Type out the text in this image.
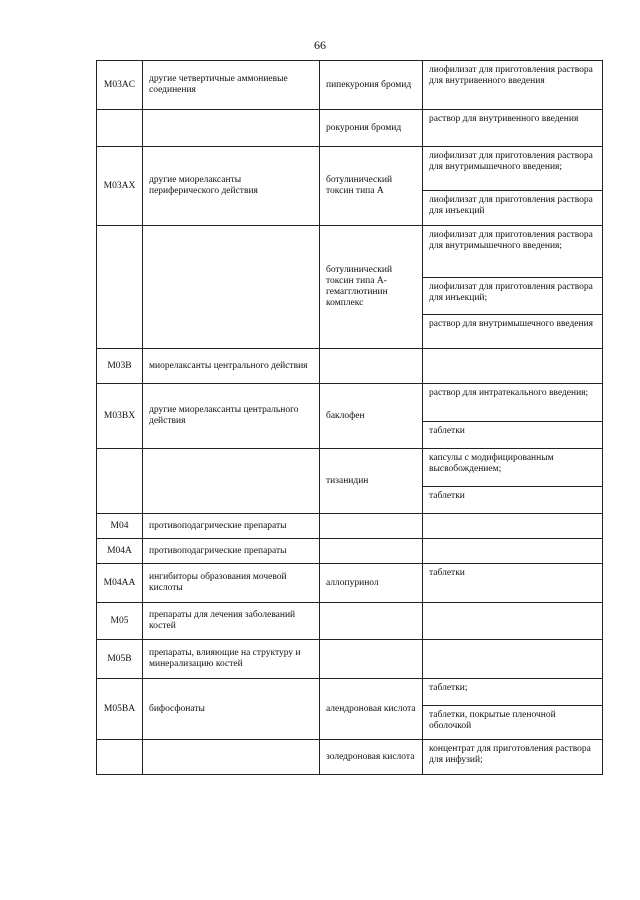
66
M03AC	другие четвертичные аммониевые соединения	пипекурония бромид	лиофилизат для приготовления раствора для внутривенного введения

		рокурония бромид	раствор для внутривенного введения

M03AX	другие миорелаксанты периферического действия	ботулинический токсин типа А	лиофилизат для приготовления раствора для внутримышечного введения;
лиофилизат для приготовления раствора для инъекций

		ботулинический токсин типа А-гемагглютинин комплекс	лиофилизат для приготовления раствора для внутримышечного введения;
лиофилизат для приготовления раствора для инъекций;
раствор для внутримышечного введения

M03B	миорелаксанты центрального действия		

M03BX	другие миорелаксанты центрального действия	баклофен	раствор для интратекального введения;
таблетки

		тизанидин	капсулы с модифицированным высвобождением;
таблетки

M04	противоподагрические препараты		

M04A	противоподагрические препараты		

M04AA	ингибиторы образования мочевой кислоты	аллопуринол	таблетки

M05	препараты для лечения заболеваний костей		

M05B	препараты, влияющие на структуру и минерализацию костей		

M05BA	бифосфонаты	алендроновая кислота	таблетки;
таблетки, покрытые пленочной оболочкой

		золедроновая кислота	концентрат для приготовления раствора для инфузий;
